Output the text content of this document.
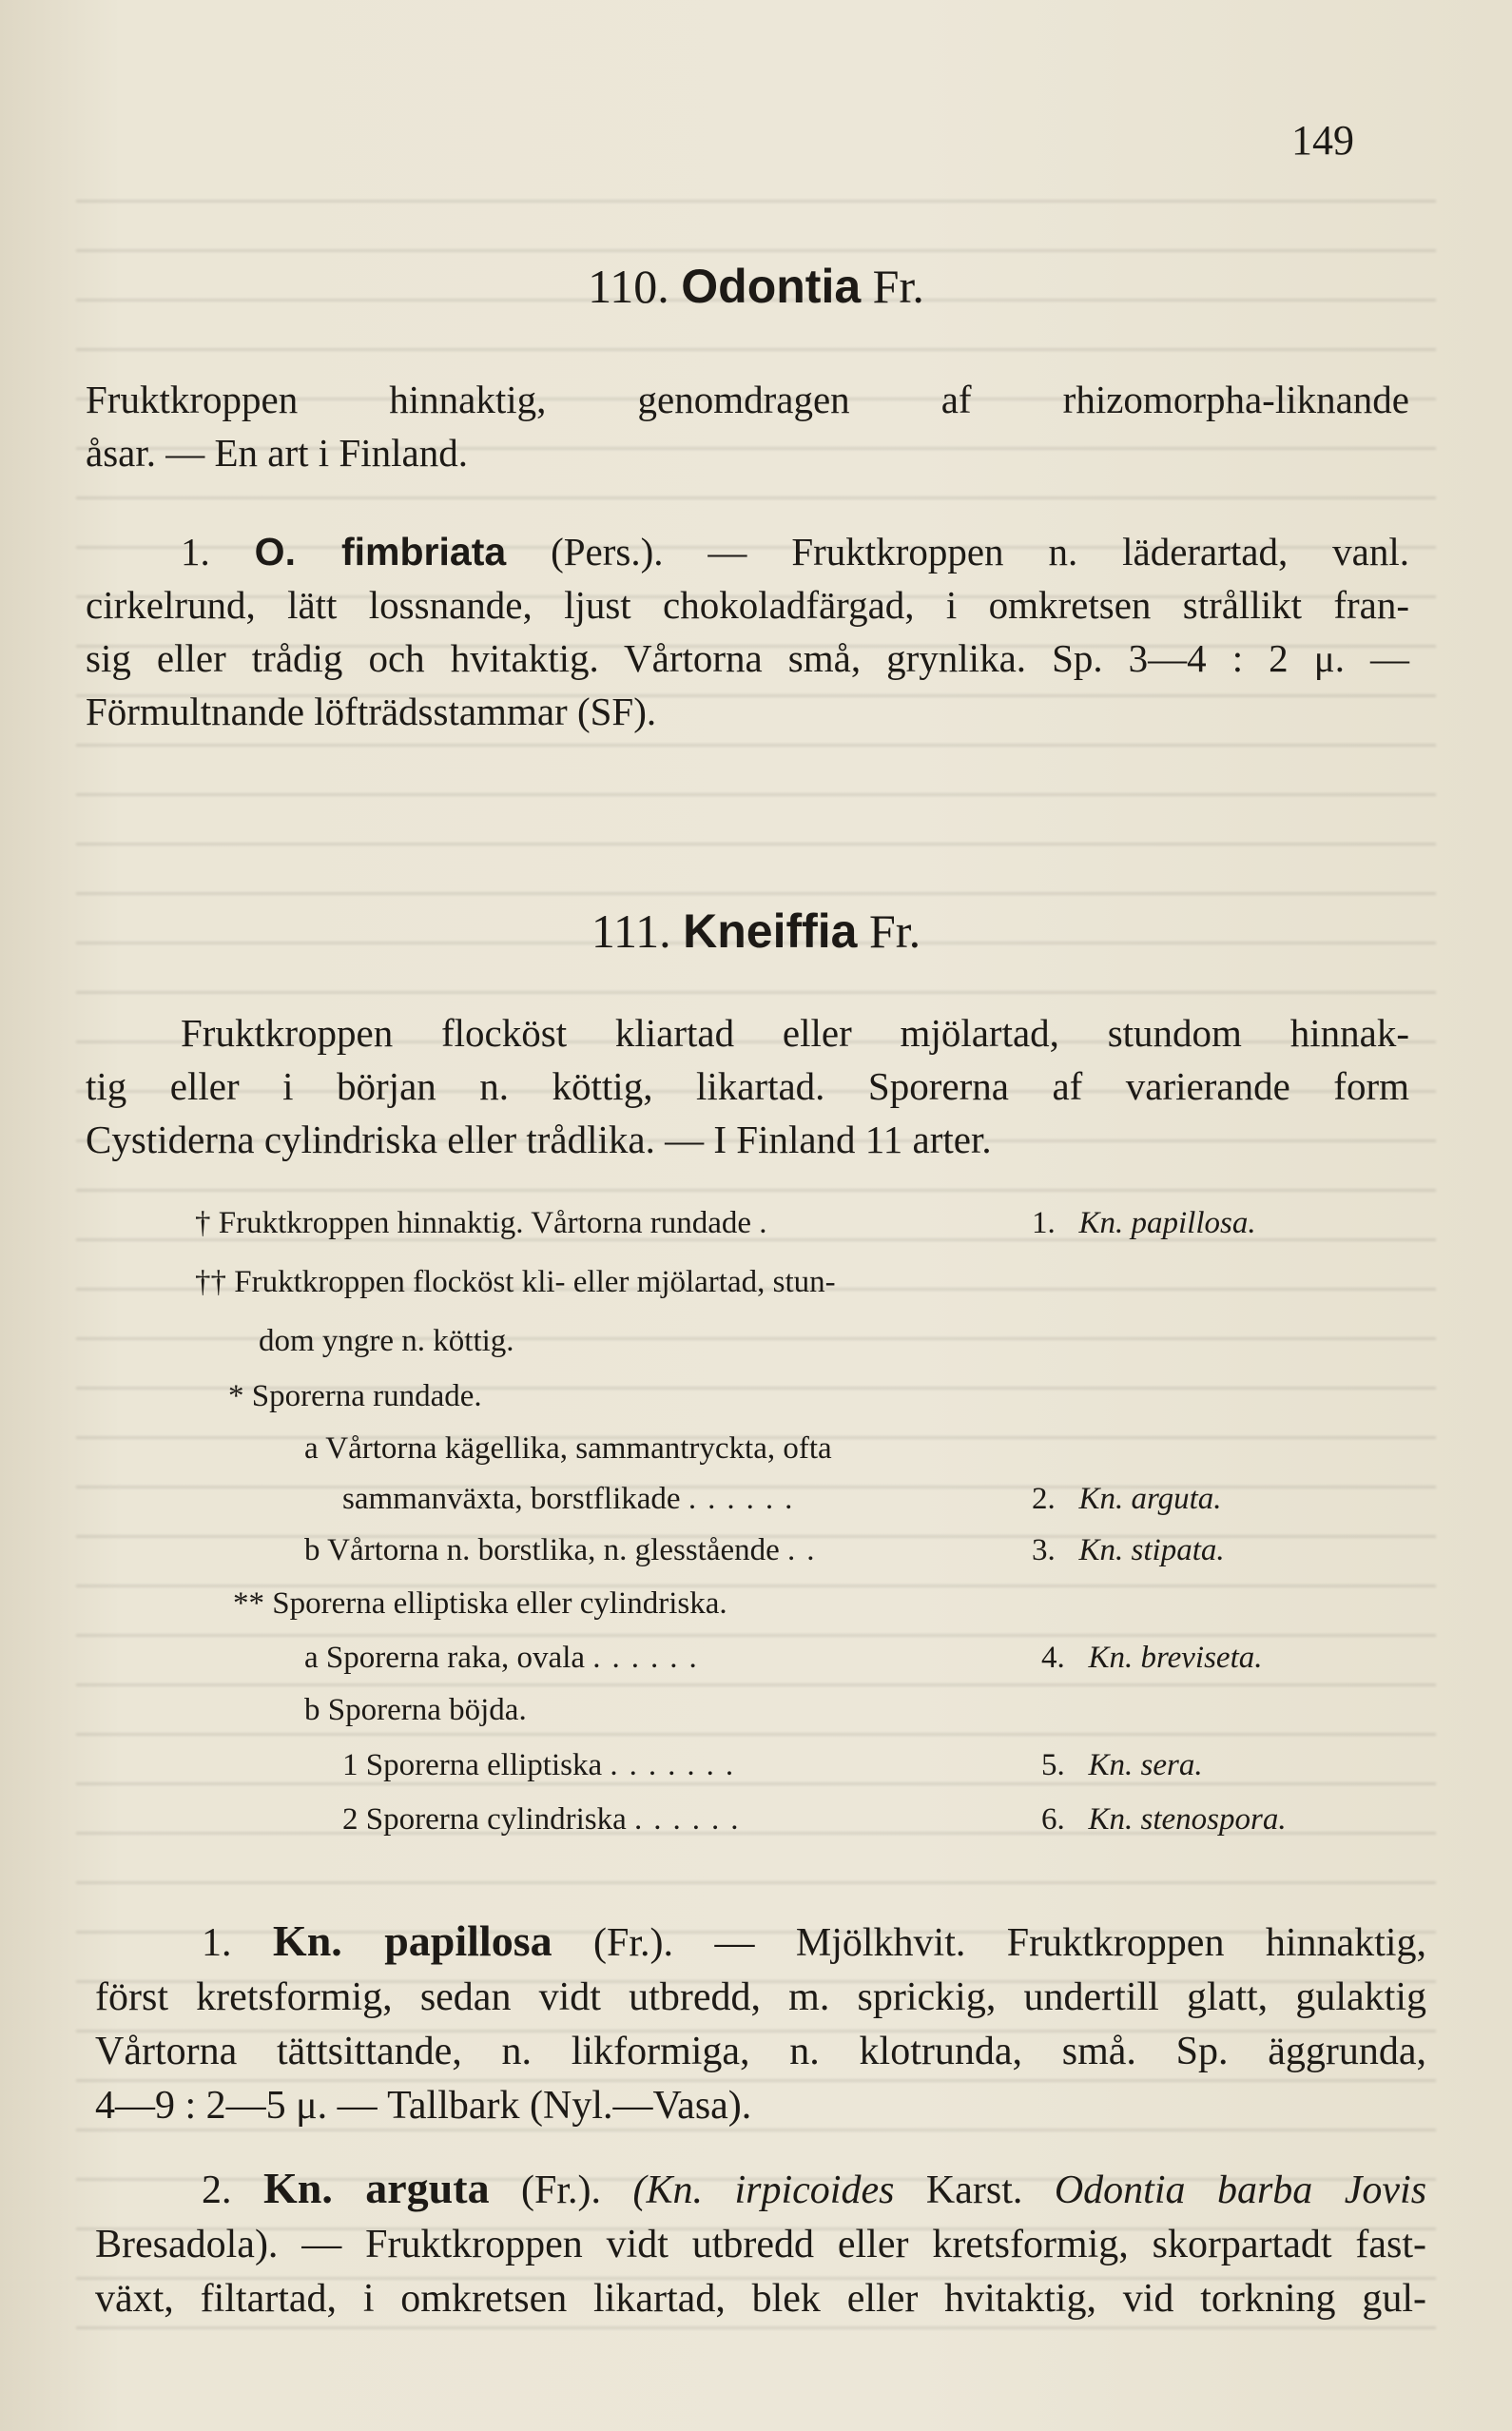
149
110. Odontia Fr.
Fruktkroppen hinnaktig, genomdragen af rhizomorpha-liknande
åsar. — En art i Finland.
1. O. fimbriata (Pers.). — Fruktkroppen n. läderartad, vanl.
cirkelrund, lätt lossnande, ljust chokoladfärgad, i omkretsen strållikt fran-
sig eller trådig och hvitaktig. Vårtorna små, grynlika. Sp. 3—4 : 2 μ. —
Förmultnande löfträdsstammar (SF).
111. Kneiffia Fr.
Fruktkroppen flocköst kliartad eller mjölartad, stundom hinnak-
tig eller i början n. köttig, likartad. Sporerna af varierande form
Cystiderna cylindriska eller trådlika. — I Finland 11 arter.
† Fruktkroppen hinnaktig. Vårtorna rundade .	1. Kn. papillosa.
†† Fruktkroppen flocköst kli- eller mjölartad, stun-
dom yngre n. köttig.
* Sporerna rundade.
a Vårtorna kägellika, sammantryckta, ofta
sammanväxta, borstflikade ......	2. Kn. arguta.
b Vårtorna n. borstlika, n. glesstående ..	3. Kn. stipata.
** Sporerna elliptiska eller cylindriska.
a Sporerna raka, ovala ......	4. Kn. breviseta.
b Sporerna böjda.
1 Sporerna elliptiska .......	5. Kn. sera.
2 Sporerna cylindriska ......	6. Kn. stenospora.
1. Kn. papillosa (Fr.). — Mjölkhvit. Fruktkroppen hinnaktig,
först kretsformig, sedan vidt utbredd, m. sprickig, undertill glatt, gulaktig
Vårtorna tättsittande, n. likformiga, n. klotrunda, små. Sp. äggrunda,
4—9 : 2—5 μ. — Tallbark (Nyl.—Vasa).
2. Kn. arguta (Fr.). (Kn. irpicoides Karst. Odontia barba Jovis
Bresadola). — Fruktkroppen vidt utbredd eller kretsformig, skorpartadt fast-
växt, filtartad, i omkretsen likartad, blek eller hvitaktig, vid torkning gul-
